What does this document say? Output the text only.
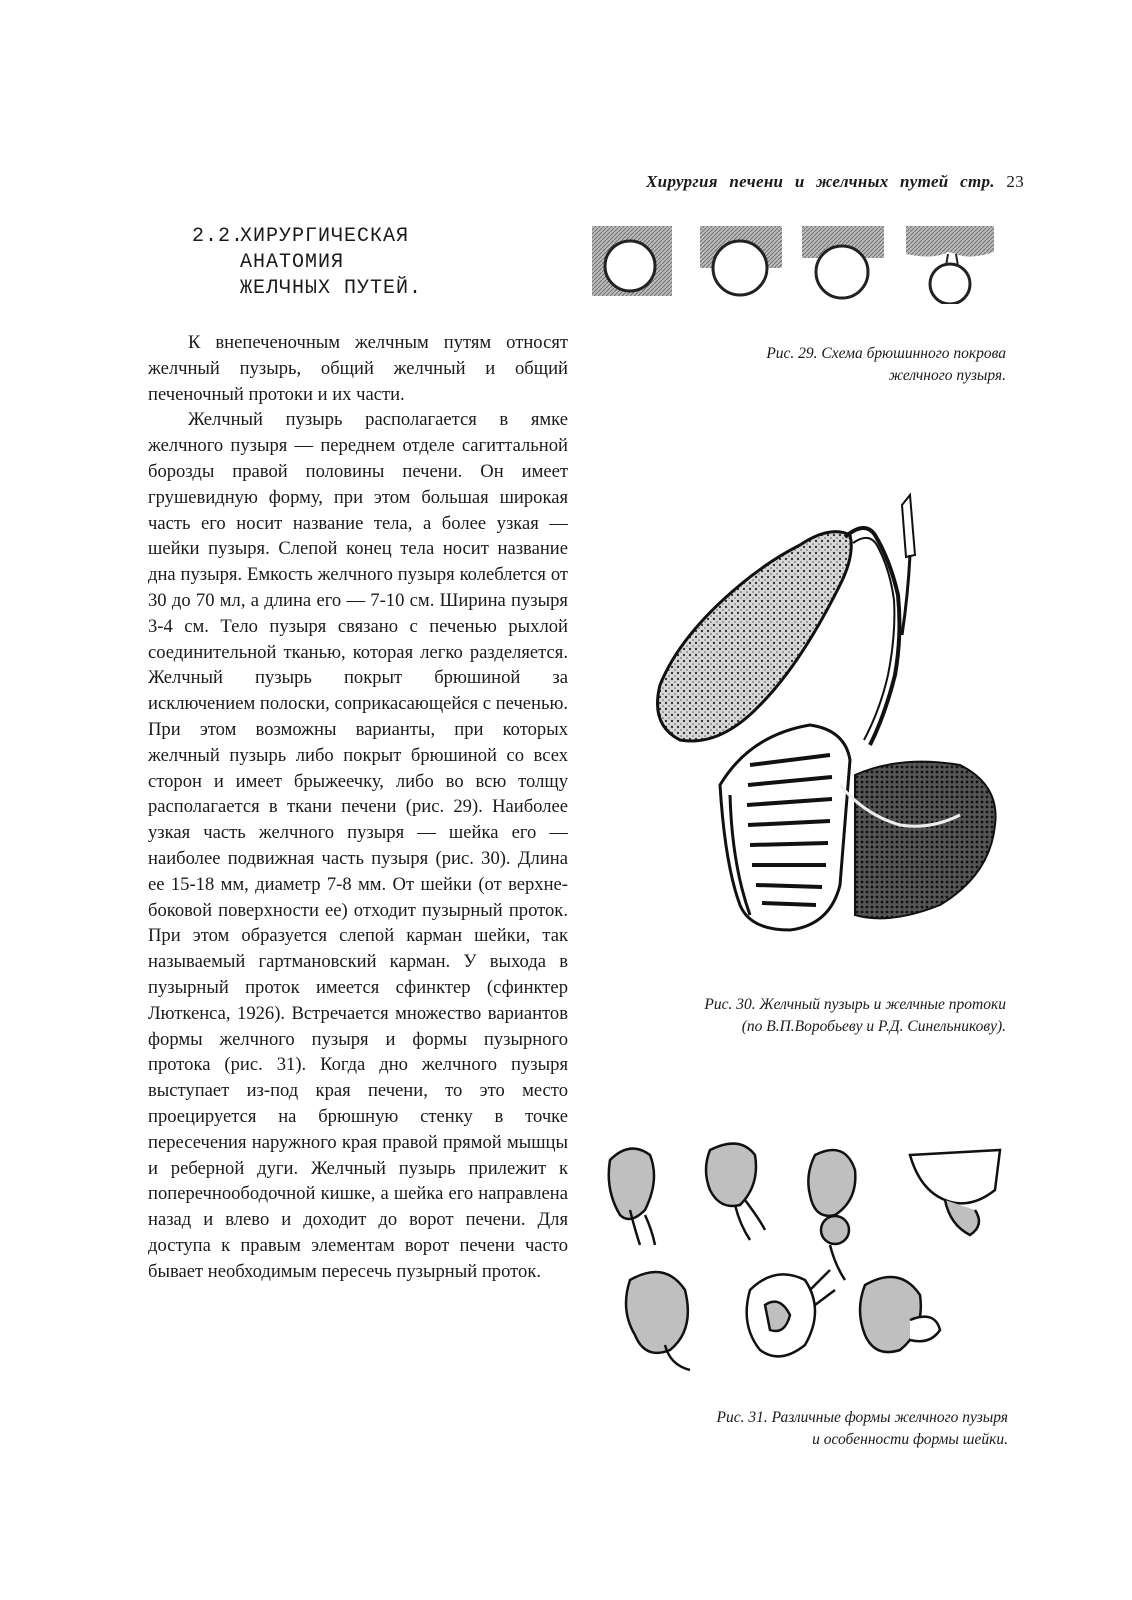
Хирургия печени и желчных путей стр. 23
2.2.ХИРУРГИЧЕСКАЯ
АНАТОМИЯ
ЖЕЛЧНЫХ ПУТЕЙ.

К внепеченочным желчным путям относят желчный пузырь, общий желчный и общий печеночный протоки и их части.

Желчный пузырь располагается в ямке желчного пузыря — переднем отделе сагиттальной борозды правой половины печени. Он имеет грушевидную форму, при этом большая широкая часть его носит название тела, а более узкая — шейки пузыря. Слепой конец тела носит название дна пузыря. Емкость желчного пузыря колеблется от 30 до 70 мл, а длина его — 7-10 см. Ширина пузыря 3-4 см. Тело пузыря связано с печенью рыхлой соединительной тканью, которая легко разделяется. Желчный пузырь покрыт брюшиной за исключением полоски, соприкасающейся с печенью. При этом возможны варианты, при которых желчный пузырь либо покрыт брюшиной со всех сторон и имеет брыжеечку, либо во всю толщу располагается в ткани печени (рис. 29). Наиболее узкая часть желчного пузыря — шейка его — наиболее подвижная часть пузыря (рис. 30). Длина ее 15-18 мм, диаметр 7-8 мм. От шейки (от верхне-боковой поверхности ее) отходит пузырный проток. При этом образуется слепой карман шейки, так называемый гартмановский карман. У выхода в пузырный проток имеется сфинктер (сфинктер Люткенса, 1926). Встречается множество вариантов формы желчного пузыря и формы пузырного протока (рис. 31). Когда дно желчного пузыря выступает из-под края печени, то это место проецируется на брюшную стенку в точке пересечения наружного края правой прямой мышцы и реберной дуги. Желчный пузырь прилежит к поперечноободочной кишке, а шейка его направлена назад и влево и доходит до ворот печени. Для доступа к правым элементам ворот печени часто бывает необходимым пересечь пузырный проток.

Рис. 29. Схема брюшинного покрова
желчного пузыря.
Рис. 30. Желчный пузырь и желчные протоки
(по В.П.Воробьеву и Р.Д. Синельникову).
Рис. 31. Различные формы желчного пузыря
и особенности формы шейки.
